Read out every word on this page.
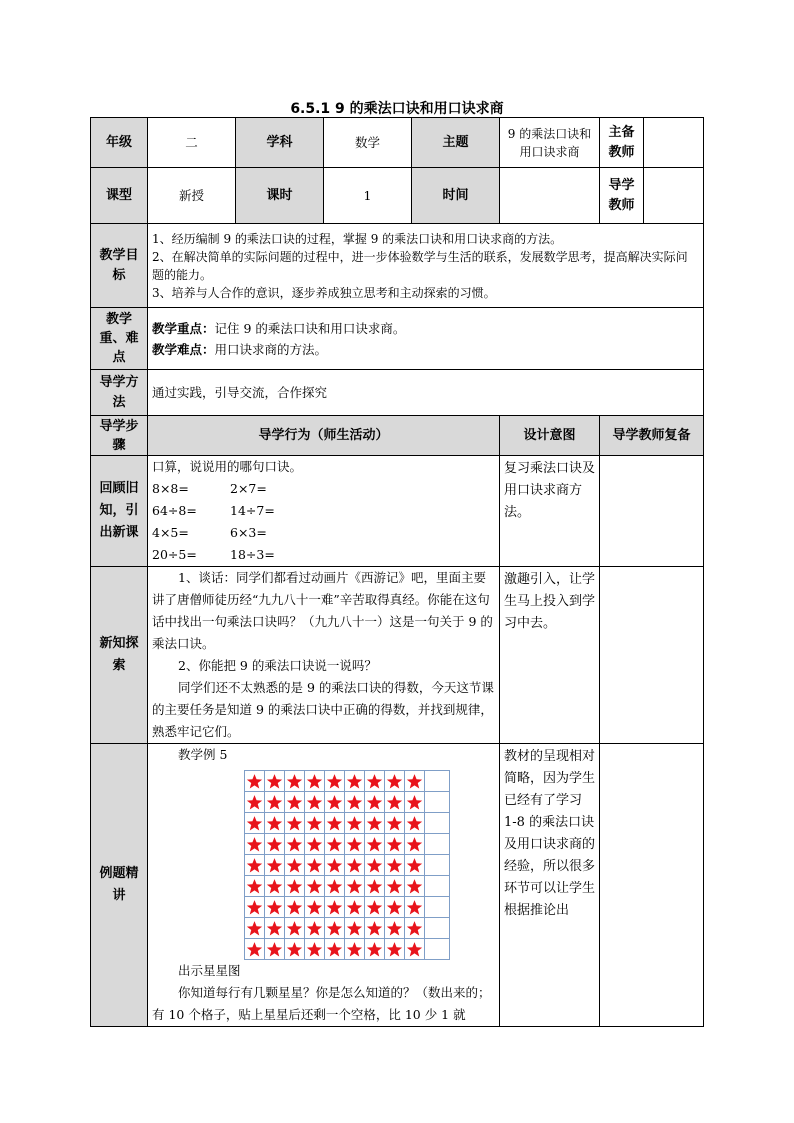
6.5.1 9 的乘法口诀和用口诀求商
年级	二	学科	数学	主题	9 的乘法口诀和用口诀求商	主备教师	
课型	新授	课时	1	时间		导学教师	
教学目标	1、经历编制 9 的乘法口诀的过程，掌握 9 的乘法口诀和用口诀求商的方法。
2、在解决简单的实际问题的过程中，进一步体验数学与生活的联系，发展数学思考，提高解决实际问题的能力。
3、培养与人合作的意识，逐步养成独立思考和主动探索的习惯。						

教学重、难点	教学重点：记住 9 的乘法口诀和用口诀求商。
教学难点：用口诀求商的方法。						

导学方法	通过实践，引导交流，合作探究						
导学步骤	导学行为（师生活动）				设计意图	导学教师复备	
回顾旧知，引出新课	口算，说说用的哪句口诀。
8×8= 2×7=
64÷8= 14÷7=
4×5= 6×3=
20÷5= 18÷3=				复习乘法口诀及用口诀求商方法。		
新知探索	1、谈话：同学们都看过动画片《西游记》吧，里面主要讲了唐僧师徒历经“九九八十一难”辛苦取得真经。你能在这句话中找出一句乘法口诀吗？（九九八十一）这是一句关于 9 的乘法口诀。
2、你能把 9 的乘法口诀说一说吗？
同学们还不太熟悉的是 9 的乘法口诀的得数，今天这节课的主要任务是知道 9 的乘法口诀中正确的得数，并找到规律，熟悉牢记它们。				激趣引入，让学生马上投入到学习中去。		
例题精讲	教学例 5
出示星星图
你知道每行有几颗星星？你是怎么知道的？（数出来的；有 10 个格子，贴上星星后还剩一个空格，比 10 少 1 就				教材的呈现相对简略，因为学生已经有了学习 1-8 的乘法口诀及用口诀求商的经验，所以很多环节可以让学生根据推论出		
